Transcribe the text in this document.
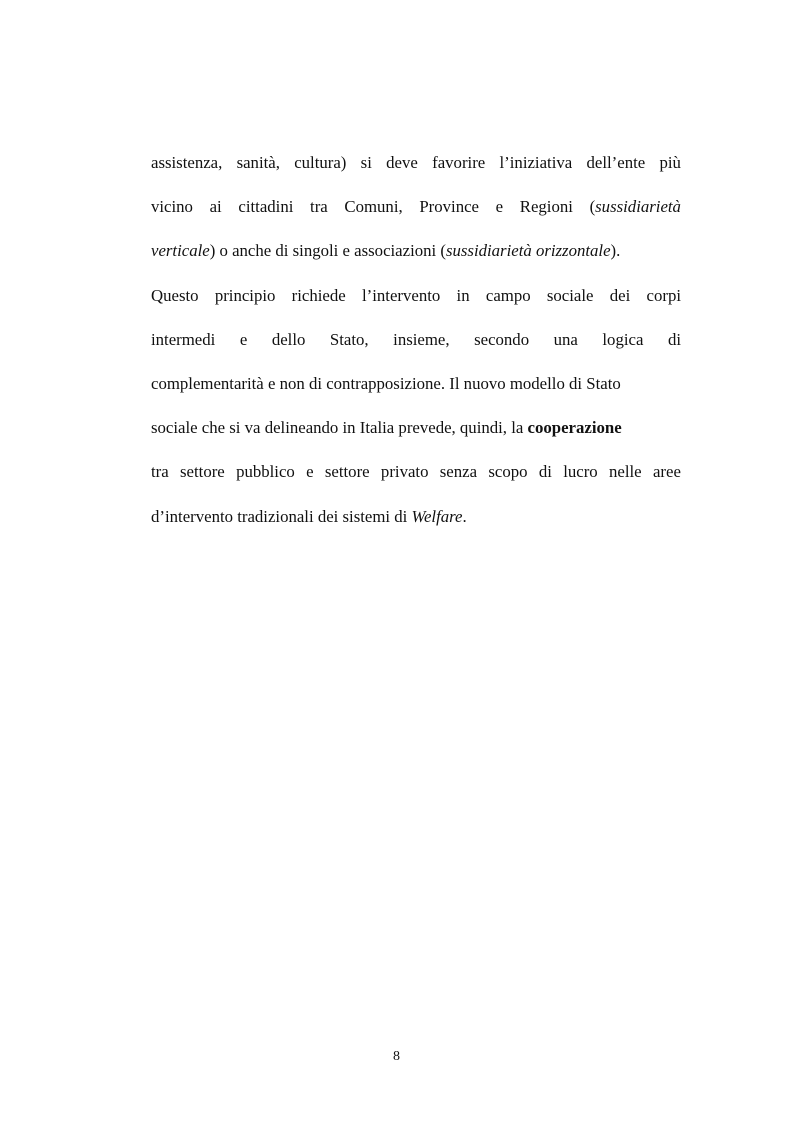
assistenza, sanità, cultura) si deve favorire l’iniziativa dell’ente più
vicino ai cittadini tra Comuni, Province e Regioni (sussidiarietà
verticale) o anche di singoli e associazioni (sussidiarietà orizzontale).
Questo principio richiede l’intervento in campo sociale dei corpi
intermedi e dello Stato, insieme, secondo una logica di
complementarità e non di contrapposizione. Il nuovo modello di Stato
sociale che si va delineando in Italia prevede, quindi, la cooperazione
tra settore pubblico e settore privato senza scopo di lucro nelle aree
d’intervento tradizionali dei sistemi di Welfare.
8
